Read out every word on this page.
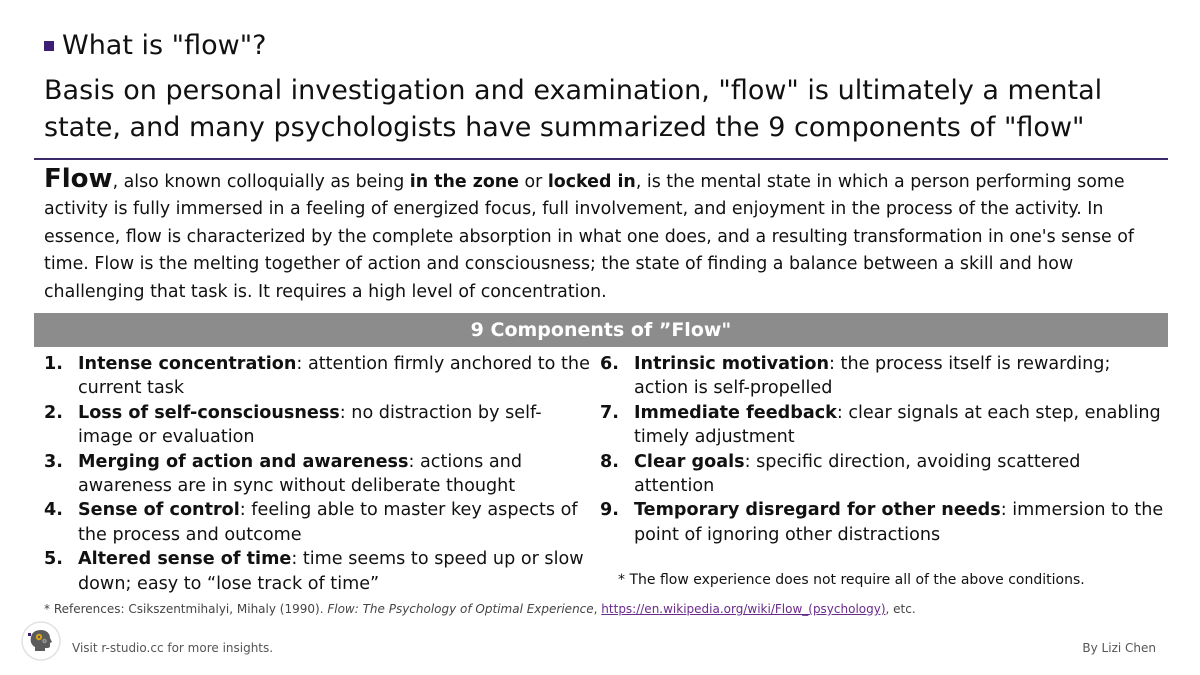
What is "flow"?
Basis on personal investigation and examination, "flow" is ultimately a mental state, and many psychologists have summarized the 9 components of "flow"
Flow, also known colloquially as being in the zone or locked in, is the mental state in which a person performing some activity is fully immersed in a feeling of energized focus, full involvement, and enjoyment in the process of the activity. In essence, flow is characterized by the complete absorption in what one does, and a resulting transformation in one's sense of time. Flow is the melting together of action and consciousness; the state of finding a balance between a skill and how challenging that task is. It requires a high level of concentration.
9 Components of ”Flow"
1. Intense concentration: attention firmly anchored to the current task
2. Loss of self-consciousness: no distraction by self-image or evaluation
3. Merging of action and awareness: actions and awareness are in sync without deliberate thought
4. Sense of control: feeling able to master key aspects of the process and outcome
5. Altered sense of time: time seems to speed up or slow down; easy to “lose track of time”
6. Intrinsic motivation: the process itself is rewarding; action is self-propelled
7. Immediate feedback: clear signals at each step, enabling timely adjustment
8. Clear goals: specific direction, avoiding scattered attention
9. Temporary disregard for other needs: immersion to the point of ignoring other distractions
* The flow experience does not require all of the above conditions.
* References: Csikszentmihalyi, Mihaly (1990). Flow: The Psychology of Optimal Experience, https://en.wikipedia.org/wiki/Flow_(psychology), etc.
Visit r-studio.cc for more insights.	By Lizi Chen
